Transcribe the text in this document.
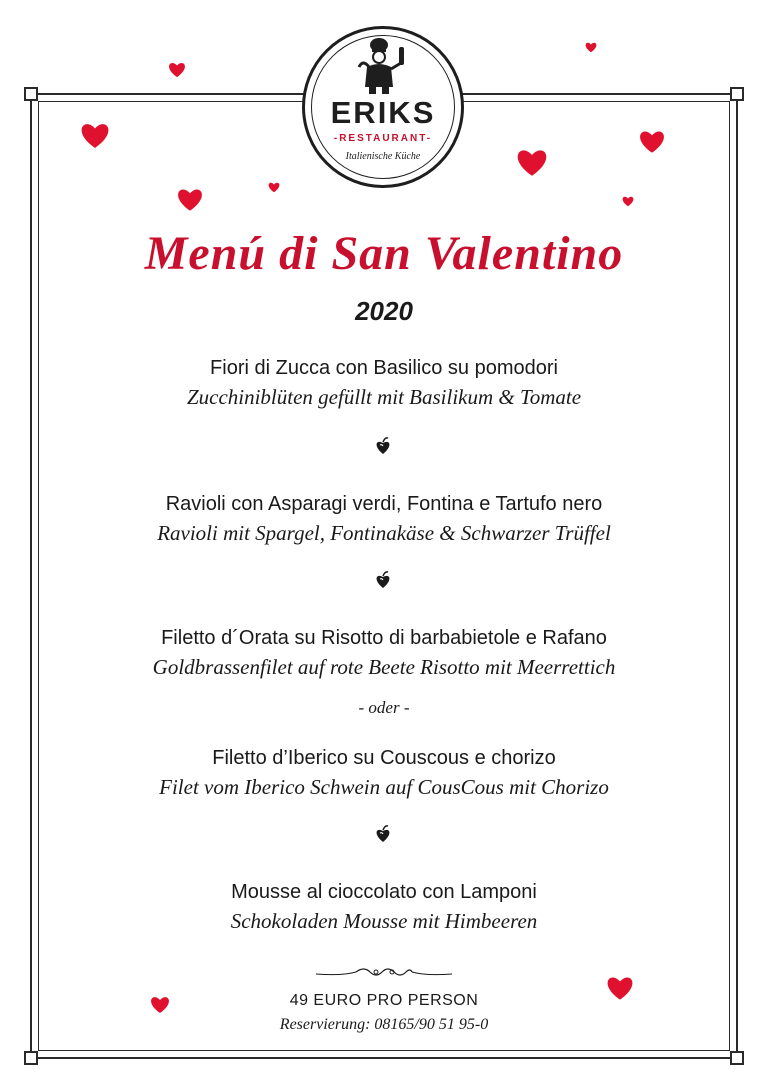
ERIKS
-RESTAURANT-
Italienische Küche
Menú di San Valentino
2020
Fiori di Zucca con Basilico su pomodori
Zucchiniblüten gefüllt mit Basilikum & Tomate
Ravioli con Asparagi verdi, Fontina e Tartufo nero
Ravioli mit Spargel, Fontinakäse & Schwarzer Trüffel
Filetto d´Orata su Risotto di barbabietole e Rafano
Goldbrassenfilet auf rote Beete Risotto mit Meerrettich
- oder -
Filetto d’Iberico su Couscous e chorizo
Filet vom Iberico Schwein auf CousCous mit Chorizo
Mousse al cioccolato con Lamponi
Schokoladen Mousse mit Himbeeren
49 EURO PRO PERSON
Reservierung: 08165/90 51 95-0
